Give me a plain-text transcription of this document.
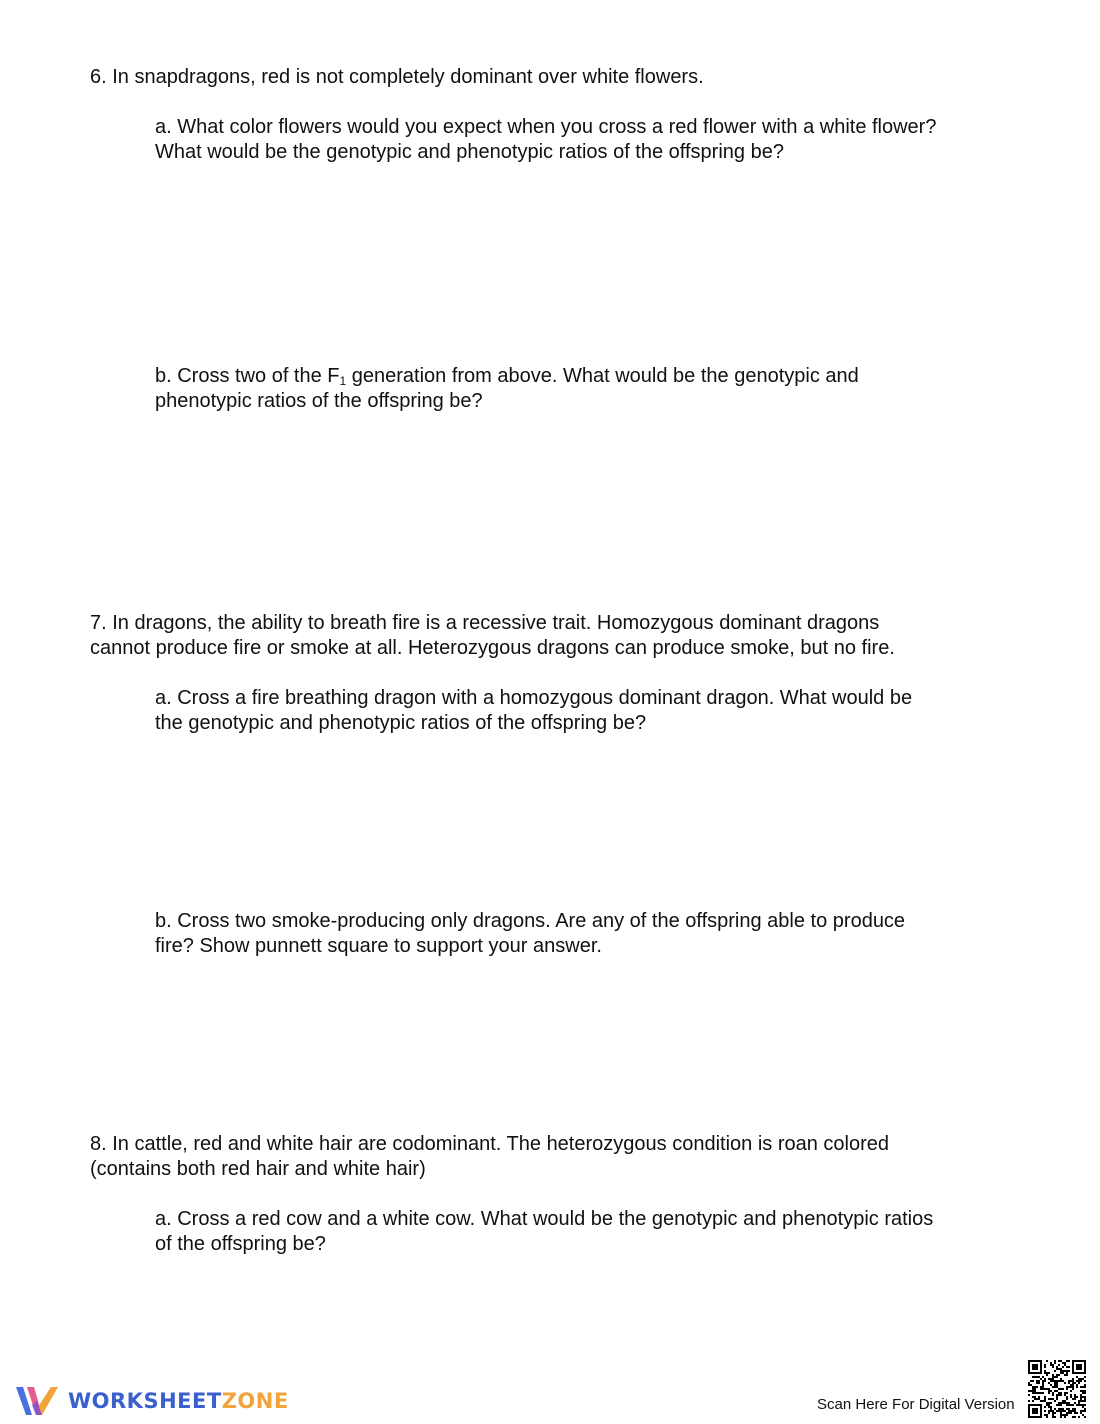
6. In snapdragons, red is not completely dominant over white flowers.
a. What color flowers would you expect when you cross a red flower with a white flower?
What would be the genotypic and phenotypic ratios of the offspring be?
b. Cross two of the $F_1$ generation from above. What would be the genotypic and
phenotypic ratios of the offspring be?
7. In dragons, the ability to breath fire is a recessive trait. Homozygous dominant dragons
cannot produce fire or smoke at all. Heterozygous dragons can produce smoke, but no fire.
a. Cross a fire breathing dragon with a homozygous dominant dragon. What would be
the genotypic and phenotypic ratios of the offspring be?
b. Cross two smoke-producing only dragons. Are any of the offspring able to produce
fire? Show punnett square to support your answer.
8. In cattle, red and white hair are codominant. The heterozygous condition is roan colored
(contains both red hair and white hair)
a. Cross a red cow and a white cow. What would be the genotypic and phenotypic ratios
of the offspring be?
WORKSHEETZONE	Scan Here For Digital Version
